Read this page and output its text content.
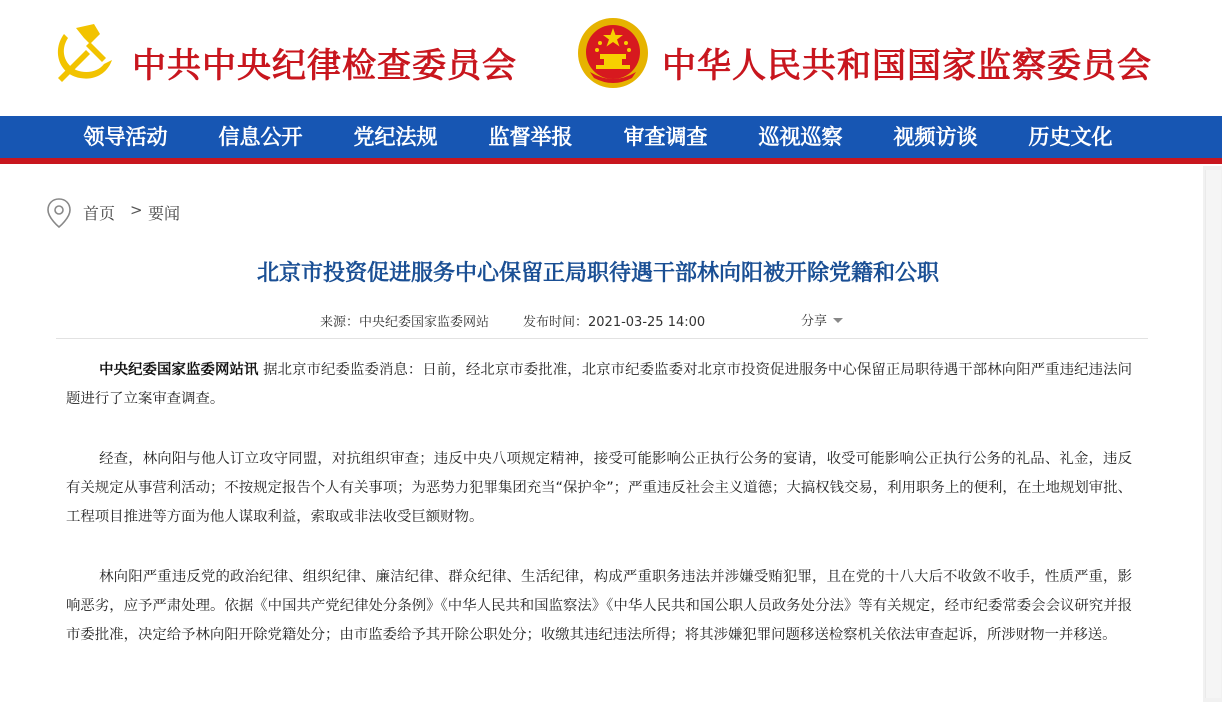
中共中央纪律检查委员会	中华人民共和国国家监察委员会
领导活动	信息公开	党纪法规	监督举报	审查调查	巡视巡察	视频访谈	历史文化
首页 > 要闻
北京市投资促进服务中心保留正局职待遇干部林向阳被开除党籍和公职
来源：中央纪委国家监委网站	发布时间：2021-03-25 14:00	分享

中央纪委国家监委网站讯 据北京市纪委监委消息：日前，经北京市委批准，北京市纪委监委对北京市投资促进服务中心保留正局职待遇干部林向阳严重违纪违法问题进行了立案审查调查。

经查，林向阳与他人订立攻守同盟，对抗组织审查；违反中央八项规定精神，接受可能影响公正执行公务的宴请，收受可能影响公正执行公务的礼品、礼金，违反有关规定从事营利活动；不按规定报告个人有关事项；为恶势力犯罪集团充当“保护伞”；严重违反社会主义道德；大搞权钱交易，利用职务上的便利，在土地规划审批、工程项目推进等方面为他人谋取利益，索取或非法收受巨额财物。

林向阳严重违反党的政治纪律、组织纪律、廉洁纪律、群众纪律、生活纪律，构成严重职务违法并涉嫌受贿犯罪，且在党的十八大后不收敛不收手，性质严重，影响恶劣，应予严肃处理。依据《中国共产党纪律处分条例》《中华人民共和国监察法》《中华人民共和国公职人员政务处分法》等有关规定，经市纪委常委会会议研究并报市委批准，决定给予林向阳开除党籍处分；由市监委给予其开除公职处分；收缴其违纪违法所得；将其涉嫌犯罪问题移送检察机关依法审查起诉，所涉财物一并移送。
